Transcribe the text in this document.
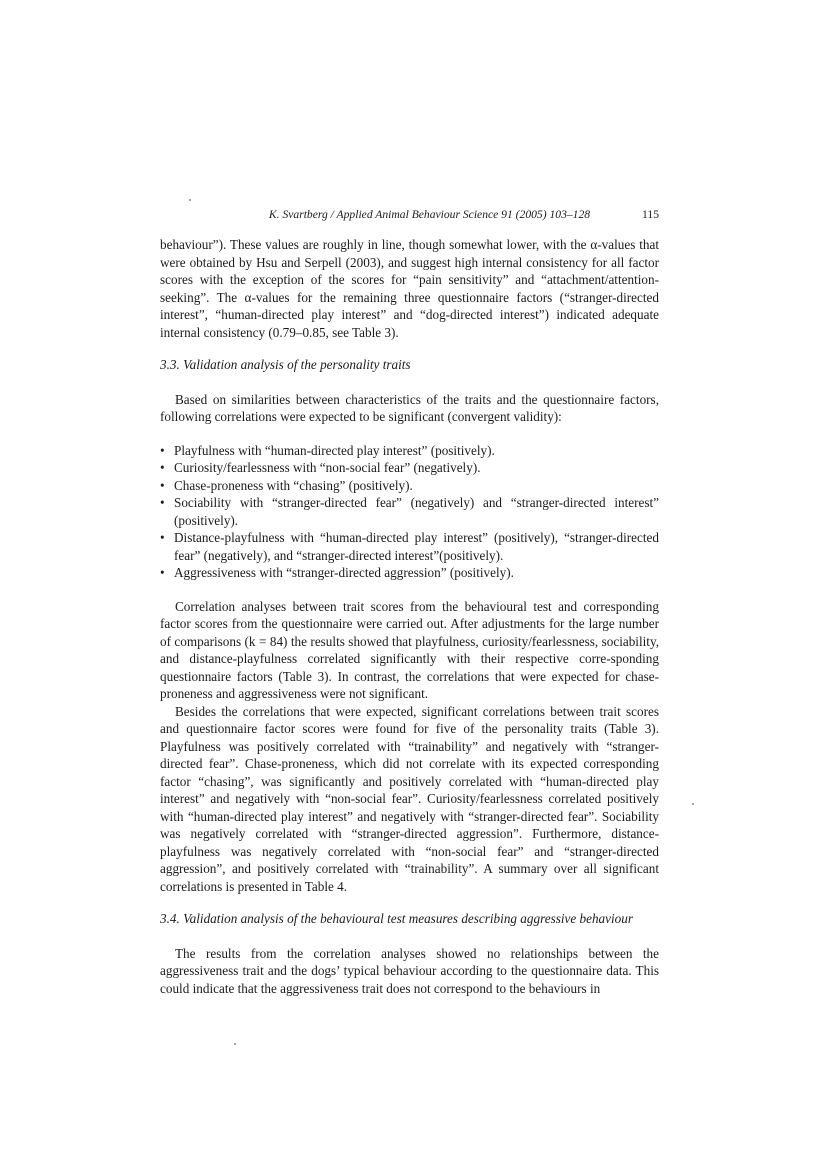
K. Svartberg / Applied Animal Behaviour Science 91 (2005) 103–128	115

behaviour”). These values are roughly in line, though somewhat lower, with the α-values that were obtained by Hsu and Serpell (2003), and suggest high internal consistency for all factor scores with the exception of the scores for “pain sensitivity” and “attachment/attention-seeking”. The α-values for the remaining three questionnaire factors (“stranger-directed interest”, “human-directed play interest” and “dog-directed interest”) indicated adequate internal consistency (0.79–0.85, see Table 3).

3.3. Validation analysis of the personality traits

Based on similarities between characteristics of the traits and the questionnaire factors, following correlations were expected to be significant (convergent validity):

• Playfulness with “human-directed play interest” (positively).
• Curiosity/fearlessness with “non-social fear” (negatively).
• Chase-proneness with “chasing” (positively).
• Sociability with “stranger-directed fear” (negatively) and “stranger-directed interest” (positively).
• Distance-playfulness with “human-directed play interest” (positively), “stranger-directed fear” (negatively), and “stranger-directed interest”(positively).
• Aggressiveness with “stranger-directed aggression” (positively).

Correlation analyses between trait scores from the behavioural test and corresponding factor scores from the questionnaire were carried out. After adjustments for the large number of comparisons (k = 84) the results showed that playfulness, curiosity/fearlessness, sociability, and distance-playfulness correlated significantly with their respective corre-sponding questionnaire factors (Table 3). In contrast, the correlations that were expected for chase-proneness and aggressiveness were not significant.

Besides the correlations that were expected, significant correlations between trait scores and questionnaire factor scores were found for five of the personality traits (Table 3). Playfulness was positively correlated with “trainability” and negatively with “stranger-directed fear”. Chase-proneness, which did not correlate with its expected corresponding factor “chasing”, was significantly and positively correlated with “human-directed play interest” and negatively with “non-social fear”. Curiosity/fearlessness correlated positively with “human-directed play interest” and negatively with “stranger-directed fear”. Sociability was negatively correlated with “stranger-directed aggression”. Furthermore, distance-playfulness was negatively correlated with “non-social fear” and “stranger-directed aggression”, and positively correlated with “trainability”. A summary over all significant correlations is presented in Table 4.

3.4. Validation analysis of the behavioural test measures describing aggressive behaviour

The results from the correlation analyses showed no relationships between the aggressiveness trait and the dogs’ typical behaviour according to the questionnaire data. This could indicate that the aggressiveness trait does not correspond to the behaviours in
